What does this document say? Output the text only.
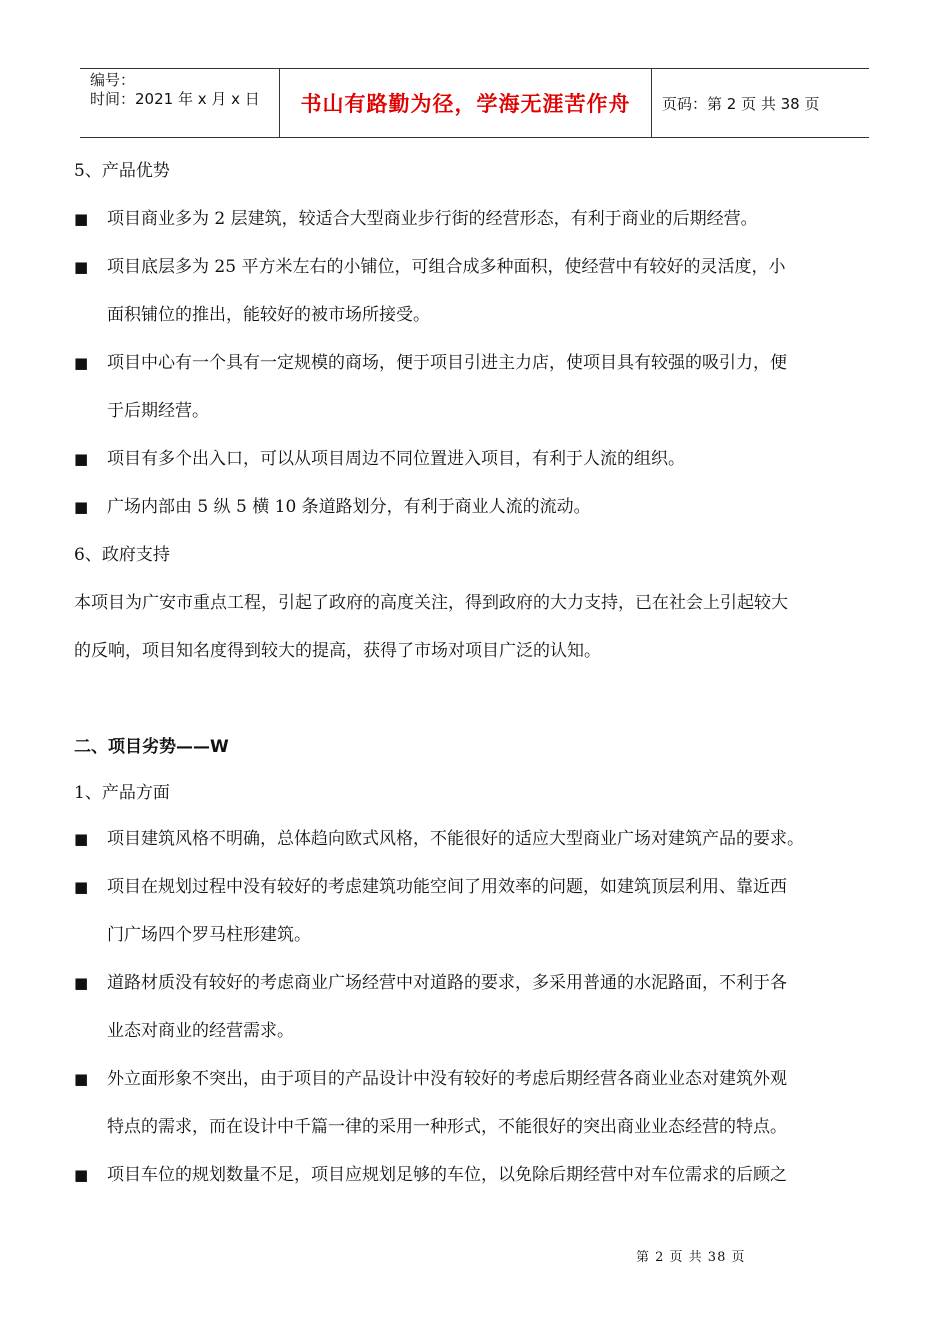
编号：
时间：2021 年 x 月 x 日	书山有路勤为径，学海无涯苦作舟	页码：第 2 页 共 38 页
5、产品优势
■ 项目商业多为 2 层建筑，较适合大型商业步行街的经营形态，有利于商业的后期经营。
■ 项目底层多为 25 平方米左右的小铺位，可组合成多种面积，使经营中有较好的灵活度，小
面积铺位的推出，能较好的被市场所接受。
■ 项目中心有一个具有一定规模的商场，便于项目引进主力店，使项目具有较强的吸引力，便
于后期经营。
■ 项目有多个出入口，可以从项目周边不同位置进入项目，有利于人流的组织。
■ 广场内部由 5 纵 5 横 10 条道路划分，有利于商业人流的流动。
6、政府支持
本项目为广安市重点工程，引起了政府的高度关注，得到政府的大力支持，已在社会上引起较大
的反响，项目知名度得到较大的提高，获得了市场对项目广泛的认知。
二、项目劣势——W
1、产品方面
■ 项目建筑风格不明确，总体趋向欧式风格，不能很好的适应大型商业广场对建筑产品的要求。
■ 项目在规划过程中没有较好的考虑建筑功能空间了用效率的问题，如建筑顶层利用、靠近西
门广场四个罗马柱形建筑。
■ 道路材质没有较好的考虑商业广场经营中对道路的要求，多采用普通的水泥路面，不利于各
业态对商业的经营需求。
■ 外立面形象不突出，由于项目的产品设计中没有较好的考虑后期经营各商业业态对建筑外观
特点的需求，而在设计中千篇一律的采用一种形式，不能很好的突出商业业态经营的特点。
■ 项目车位的规划数量不足，项目应规划足够的车位，以免除后期经营中对车位需求的后顾之
第 2 页 共 38 页
